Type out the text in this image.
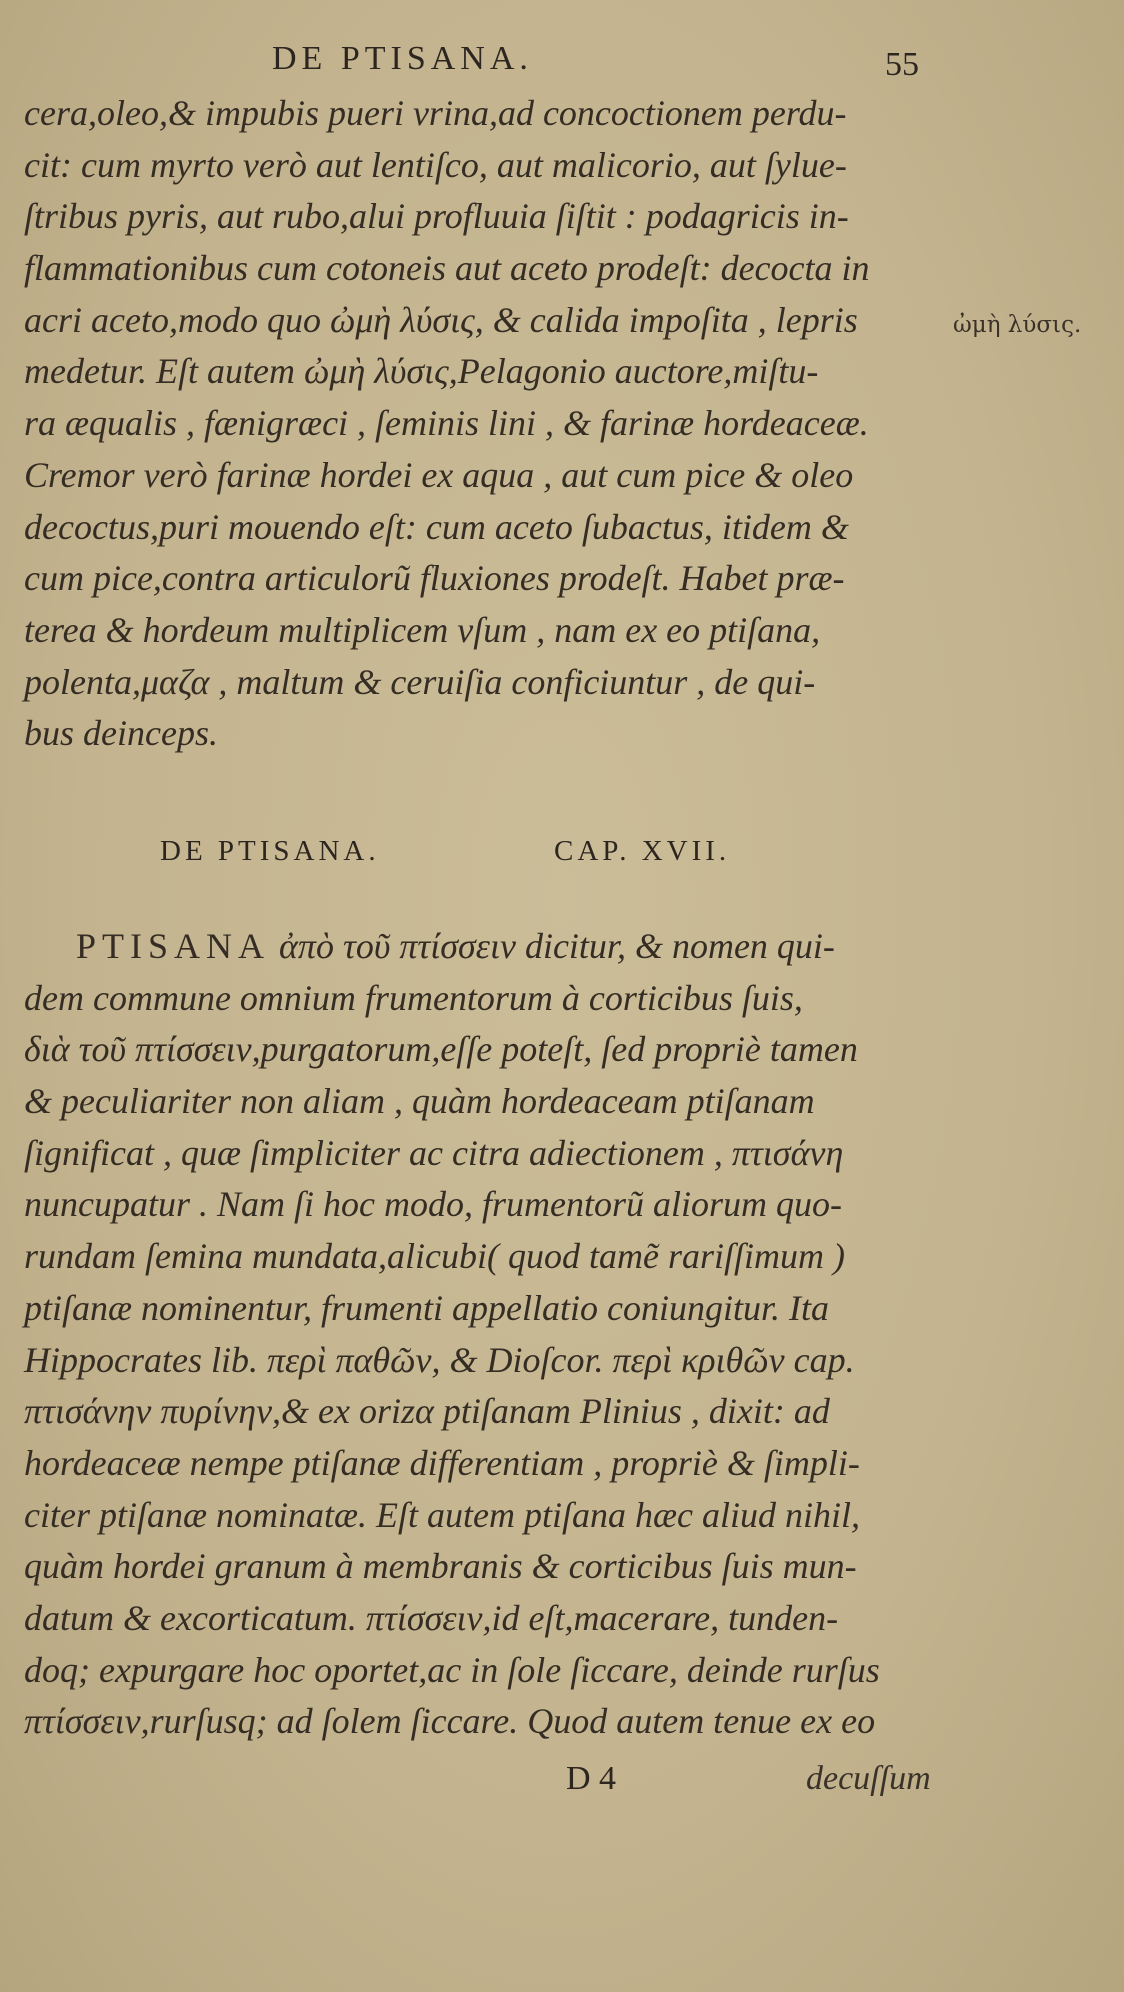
DE PTISANA.	55
cera,oleo,& impubis pueri vrina,ad concoctionem perdu-
cit: cum myrto verò aut lentiſco, aut malicorio, aut ſylue-
ſtribus pyris, aut rubo,alui profluuia ſiſtit : podagricis in-
flammationibus cum cotoneis aut aceto prodeſt: decocta in
acri aceto,modo quo ὠμὴ λύσις, & calida impoſita , lepris
medetur. Eſt autem ὠμὴ λύσις,Pelagonio auctore,miſtu-
ra æqualis , fænigræci , ſeminis lini , & farinæ hordeaceæ.
Cremor verò farinæ hordei ex aqua , aut cum pice & oleo
decoctus,puri mouendo eſt: cum aceto ſubactus, itidem &
cum pice,contra articulorũ fluxiones prodeſt. Habet præ-
terea & hordeum multiplicem vſum , nam ex eo ptiſana,
polenta,μαζα , maltum & ceruiſia conficiuntur , de qui-
bus deinceps.
ὠμὴ λύσις.
DE PTISANA.	CAP. XVII.
PTISANA ἀπὸ τοῦ πτίσσειν dicitur, & nomen qui-
dem commune omnium frumentorum à corticibus ſuis,
διὰ τοῦ πτίσσειν,purgatorum,eſſe poteſt, ſed propriè tamen
& peculiariter non aliam , quàm hordeaceam ptiſanam
ſignificat , quæ ſimpliciter ac citra adiectionem , πτισάνη
nuncupatur . Nam ſi hoc modo, frumentorũ aliorum quo-
rundam ſemina mundata,alicubi( quod tamẽ rariſſimum )
ptiſanæ nominentur, frumenti appellatio coniungitur. Ita
Hippocrates lib. περὶ παθῶν, & Dioſcor. περὶ κριθῶν cap.
πτισάνην πυρίνην,& ex orizα ptiſanam Plinius , dixit: ad
hordeaceæ nempe ptiſanæ differentiam , propriè & ſimpli-
citer ptiſanæ nominatæ. Eſt autem ptiſana hæc aliud nihil,
quàm hordei granum à membranis & corticibus ſuis mun-
datum & excorticatum. πτίσσειν,id eſt,macerare, tunden-
doq; expurgare hoc oportet,ac in ſole ſiccare, deinde rurſus
πτίσσειν,rurſusq; ad ſolem ſiccare. Quod autem tenue ex eo
D 4	decuſſum
